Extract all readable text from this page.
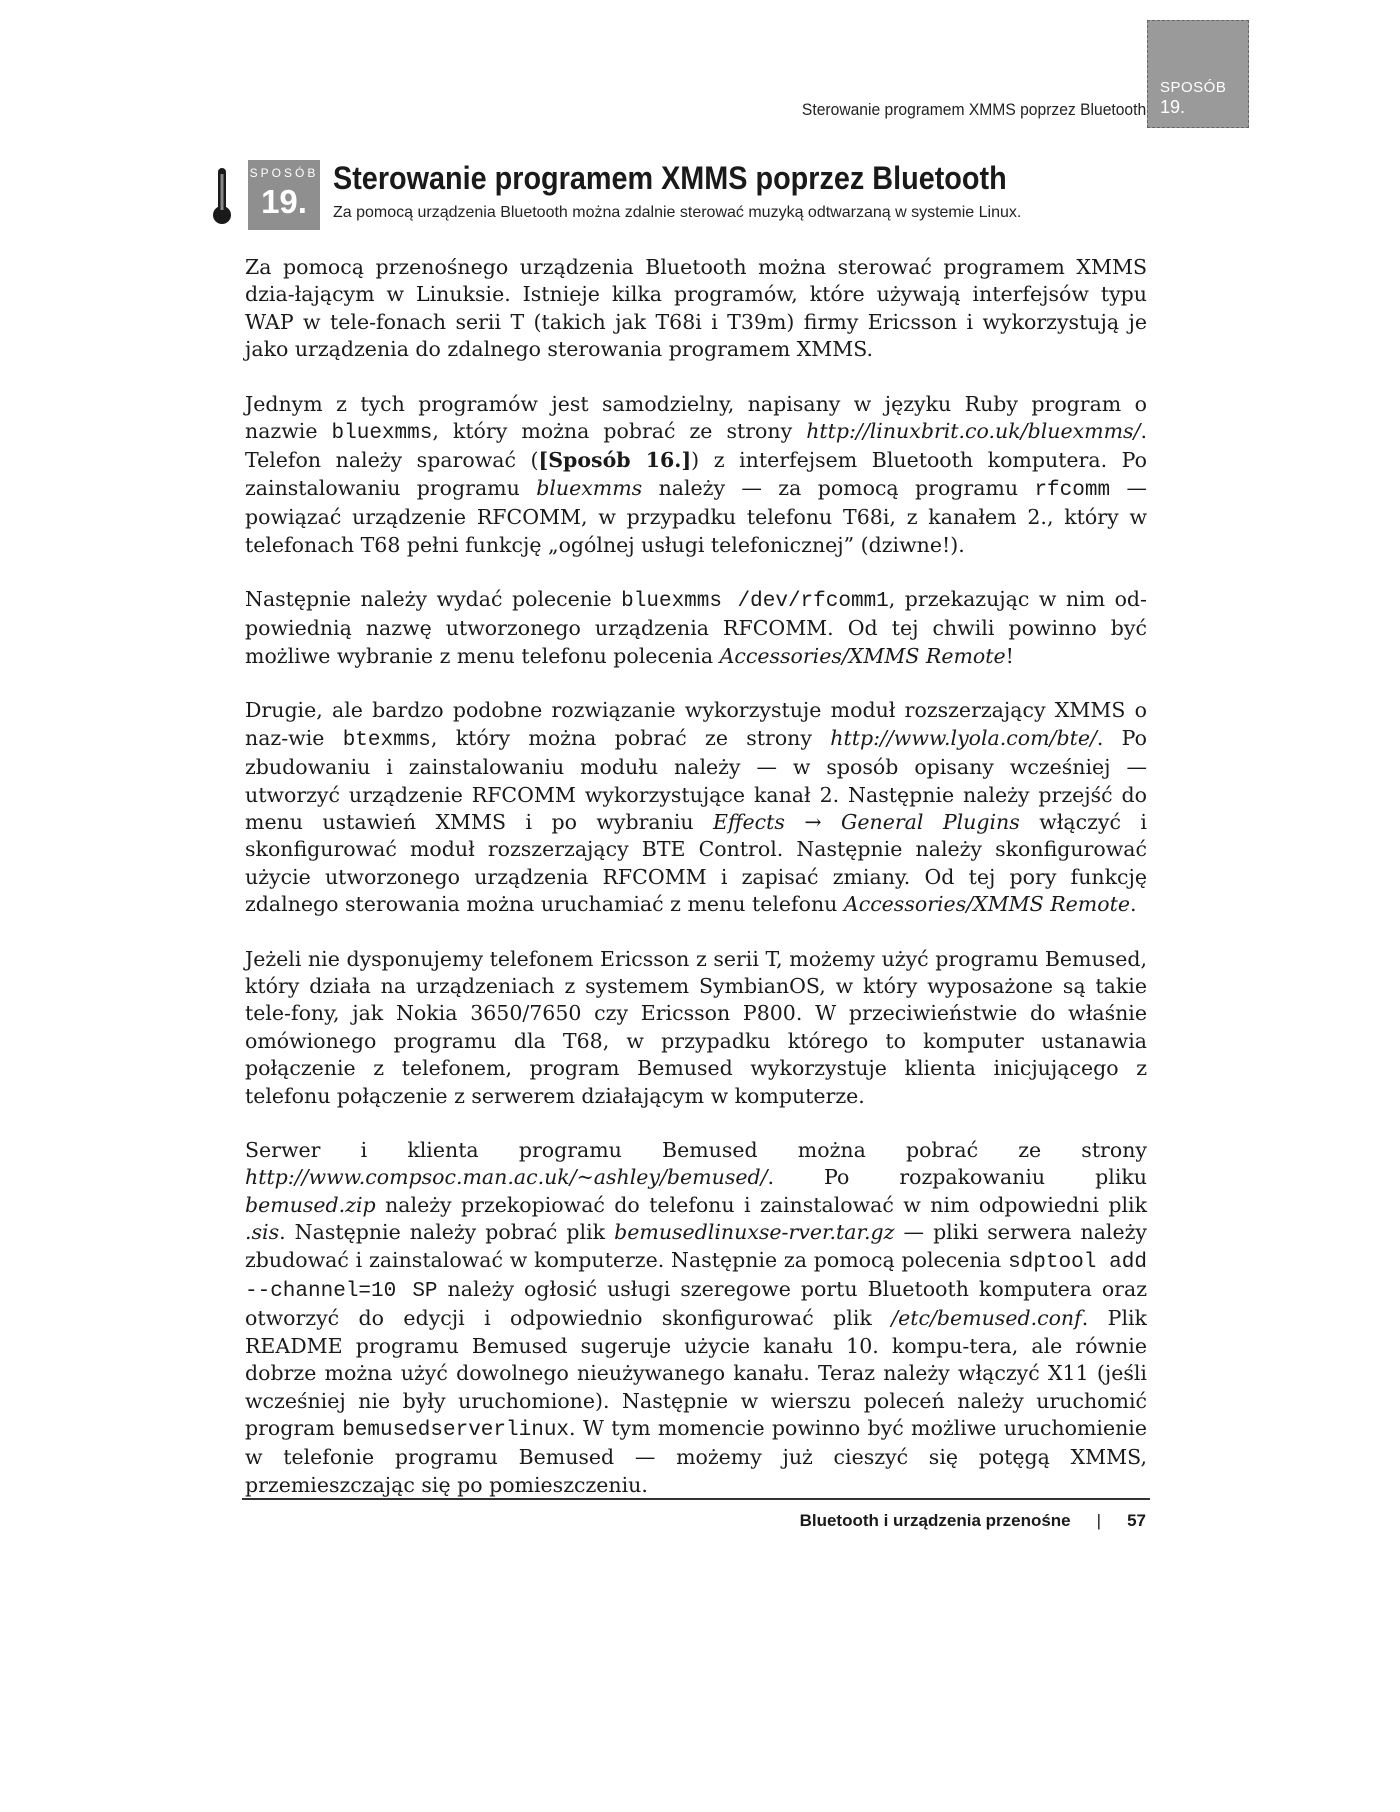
Sterowanie programem XMMS poprzez Bluetooth
SPOSÓB
19.
SPOSÓB
19.
Sterowanie programem XMMS poprzez Bluetooth

Za pomocą urządzenia Bluetooth można zdalnie sterować muzyką odtwarzaną w systemie Linux.

Za pomocą przenośnego urządzenia Bluetooth można sterować programem XMMS dzia-łającym w Linuksie. Istnieje kilka programów, które używają interfejsów typu WAP w tele-fonach serii T (takich jak T68i i T39m) firmy Ericsson i wykorzystują je jako urządzenia do zdalnego sterowania programem XMMS.

Jednym z tych programów jest samodzielny, napisany w języku Ruby program o nazwie bluexmms, który można pobrać ze strony http://linuxbrit.co.uk/bluexmms/. Telefon należy sparować ([Sposób 16.]) z interfejsem Bluetooth komputera. Po zainstalowaniu programu bluexmms należy — za pomocą programu rfcomm — powiązać urządzenie RFCOMM, w przypadku telefonu T68i, z kanałem 2., który w telefonach T68 pełni funkcję „ogólnej usługi telefonicznej” (dziwne!).

Następnie należy wydać polecenie bluexmms /dev/rfcomm1, przekazując w nim od-powiednią nazwę utworzonego urządzenia RFCOMM. Od tej chwili powinno być możliwe wybranie z menu telefonu polecenia Accessories/XMMS Remote!

Drugie, ale bardzo podobne rozwiązanie wykorzystuje moduł rozszerzający XMMS o naz-wie btexmms, który można pobrać ze strony http://www.lyola.com/bte/. Po zbudowaniu i zainstalowaniu modułu należy — w sposób opisany wcześniej — utworzyć urządzenie RFCOMM wykorzystujące kanał 2. Następnie należy przejść do menu ustawień XMMS i po wybraniu Effects → General Plugins włączyć i skonfigurować moduł rozszerzający BTE Control. Następnie należy skonfigurować użycie utworzonego urządzenia RFCOMM i zapisać zmiany. Od tej pory funkcję zdalnego sterowania można uruchamiać z menu telefonu Accessories/XMMS Remote.

Jeżeli nie dysponujemy telefonem Ericsson z serii T, możemy użyć programu Bemused, który działa na urządzeniach z systemem SymbianOS, w który wyposażone są takie tele-fony, jak Nokia 3650/7650 czy Ericsson P800. W przeciwieństwie do właśnie omówionego programu dla T68, w przypadku którego to komputer ustanawia połączenie z telefonem, program Bemused wykorzystuje klienta inicjującego z telefonu połączenie z serwerem działającym w komputerze.

Serwer i klienta programu Bemused można pobrać ze strony http://www.compsoc.man.ac.uk/~ashley/bemused/. Po rozpakowaniu pliku bemused.zip należy przekopiować do telefonu i zainstalować w nim odpowiedni plik .sis. Następnie należy pobrać plik bemusedlinuxse-rver.tar.gz — pliki serwera należy zbudować i zainstalować w komputerze. Następnie za pomocą polecenia sdptool add --channel=10 SP należy ogłosić usługi szeregowe portu Bluetooth komputera oraz otworzyć do edycji i odpowiednio skonfigurować plik /etc/bemused.conf. Plik README programu Bemused sugeruje użycie kanału 10. kompu-tera, ale równie dobrze można użyć dowolnego nieużywanego kanału. Teraz należy włączyć X11 (jeśli wcześniej nie były uruchomione). Następnie w wierszu poleceń należy uruchomić program bemusedserverlinux. W tym momencie powinno być możliwe uruchomienie w telefonie programu Bemused — możemy już cieszyć się potęgą XMMS, przemieszczając się po pomieszczeniu.

Bluetooth i urządzenia przenośne | 57
